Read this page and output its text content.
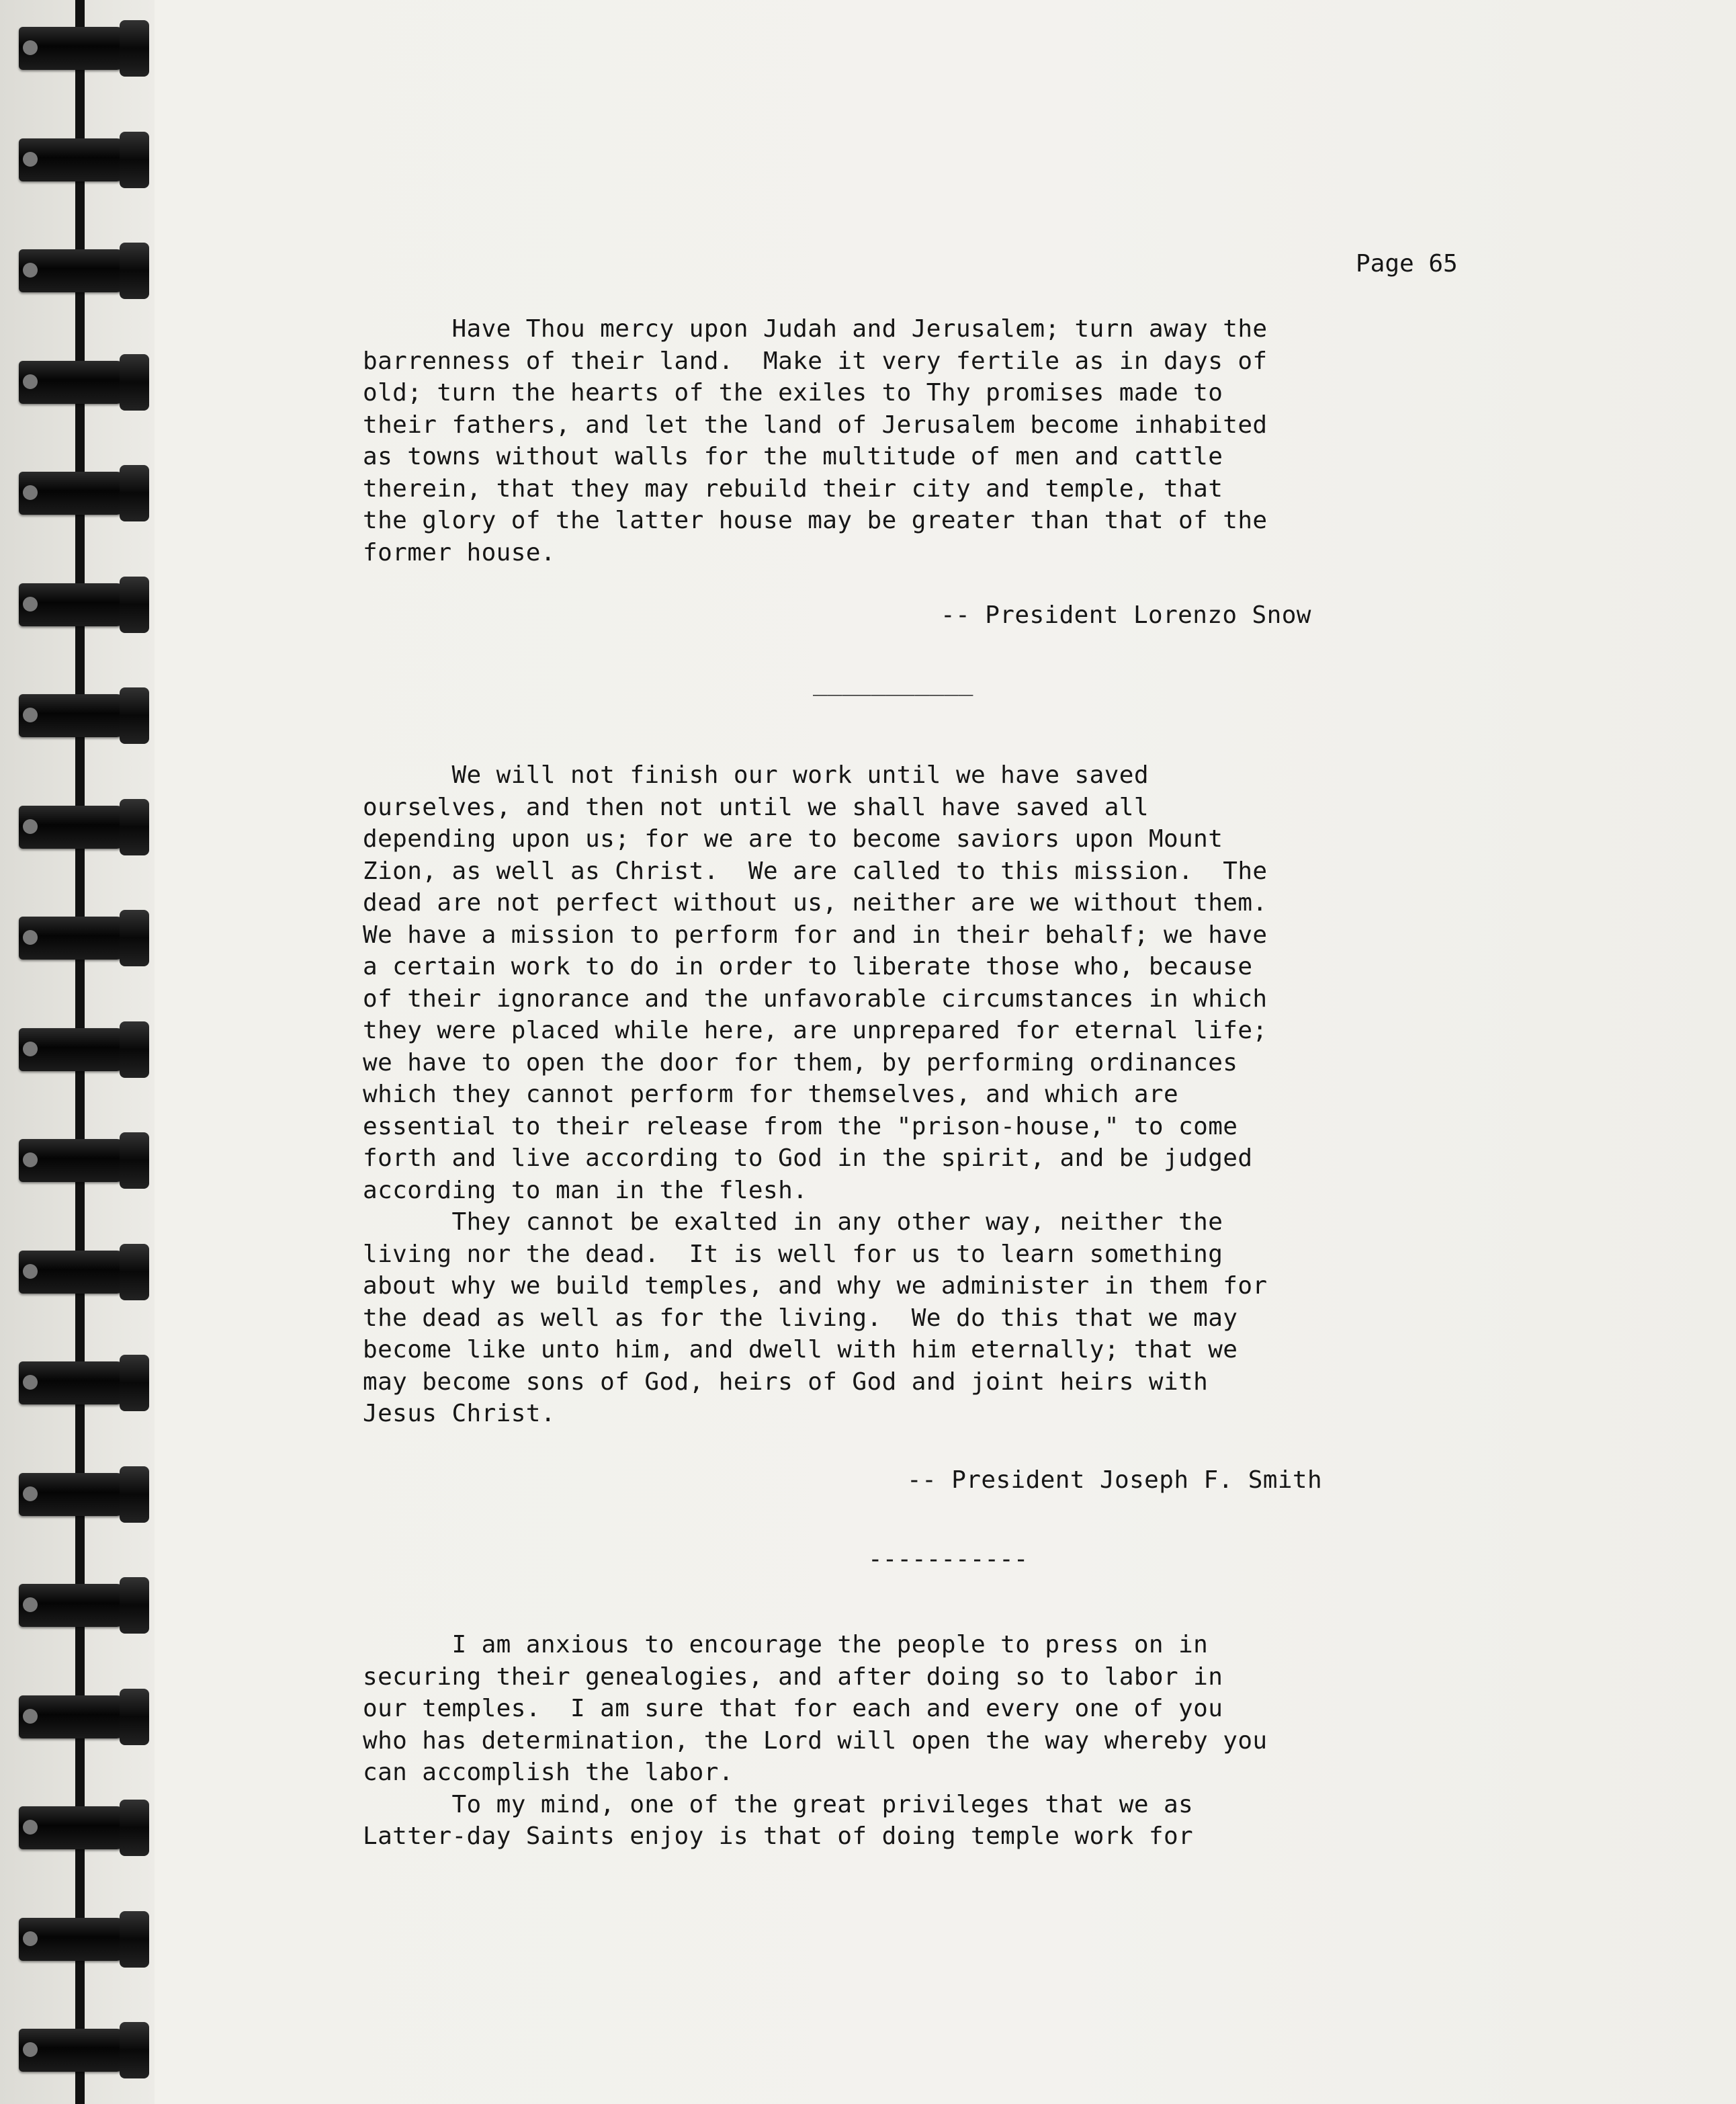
Page 65
Have Thou mercy upon Judah and Jerusalem; turn away the
barrenness of their land.  Make it very fertile as in days of
old; turn the hearts of the exiles to Thy promises made to
their fathers, and let the land of Jerusalem become inhabited
as towns without walls for the multitude of men and cattle
therein, that they may rebuild their city and temple, that
the glory of the latter house may be greater than that of the
former house.
-- President Lorenzo Snow
___________
We will not finish our work until we have saved
ourselves, and then not until we shall have saved all
depending upon us; for we are to become saviors upon Mount
Zion, as well as Christ.  We are called to this mission.  The
dead are not perfect without us, neither are we without them.
We have a mission to perform for and in their behalf; we have
a certain work to do in order to liberate those who, because
of their ignorance and the unfavorable circumstances in which
they were placed while here, are unprepared for eternal life;
we have to open the door for them, by performing ordinances
which they cannot perform for themselves, and which are
essential to their release from the "prison-house," to come
forth and live according to God in the spirit, and be judged
according to man in the flesh.
They cannot be exalted in any other way, neither the
living nor the dead.  It is well for us to learn something
about why we build temples, and why we administer in them for
the dead as well as for the living.  We do this that we may
become like unto him, and dwell with him eternally; that we
may become sons of God, heirs of God and joint heirs with
Jesus Christ.
-- President Joseph F. Smith
-----------
I am anxious to encourage the people to press on in
securing their genealogies, and after doing so to labor in
our temples.  I am sure that for each and every one of you
who has determination, the Lord will open the way whereby you
can accomplish the labor.
To my mind, one of the great privileges that we as
Latter-day Saints enjoy is that of doing temple work for
